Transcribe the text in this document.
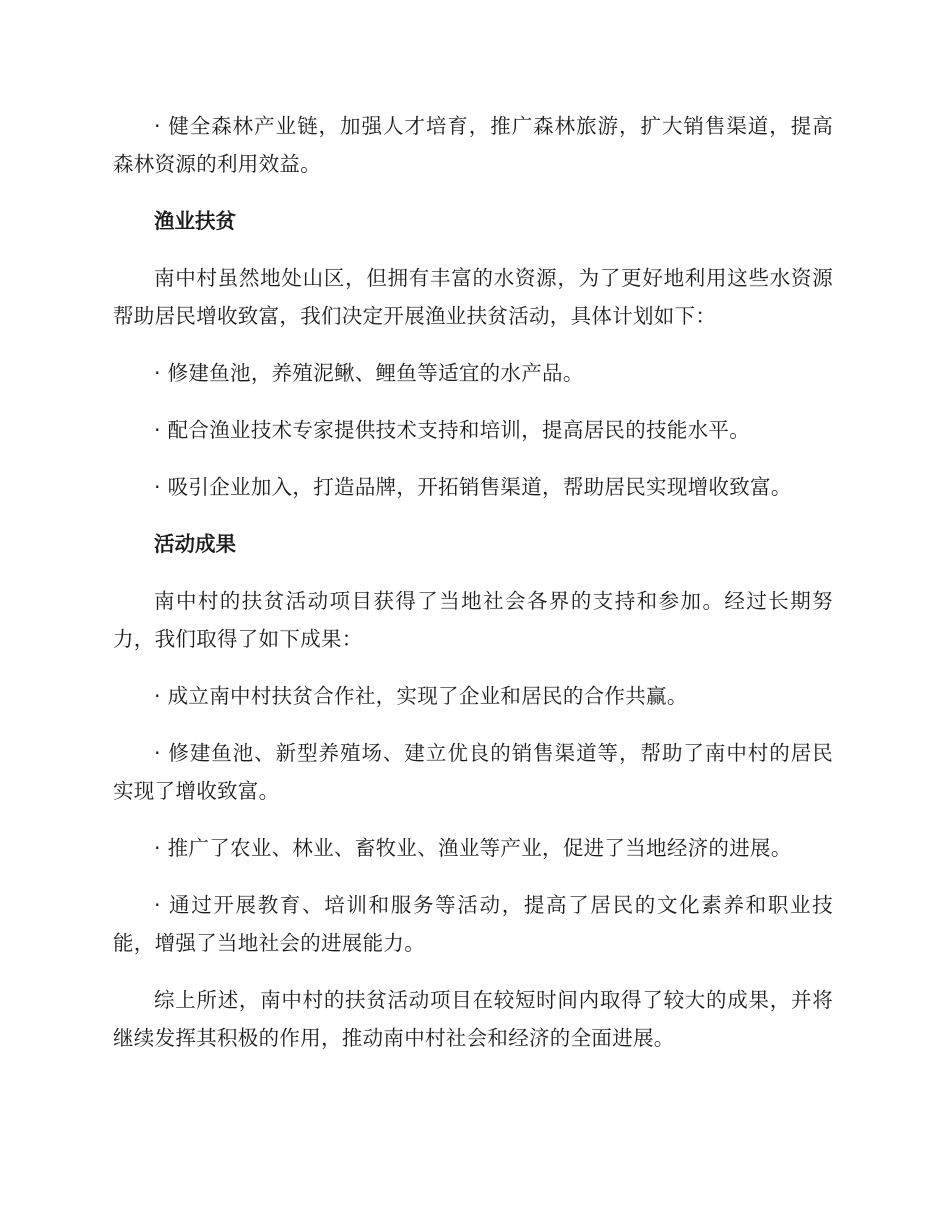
· 健全森林产业链，加强人才培育，推广森林旅游，扩大销售渠道，提高森林资源的利用效益。

渔业扶贫

南中村虽然地处山区，但拥有丰富的水资源，为了更好地利用这些水资源帮助居民增收致富，我们决定开展渔业扶贫活动，具体计划如下：

· 修建鱼池，养殖泥鳅、鲤鱼等适宜的水产品。

· 配合渔业技术专家提供技术支持和培训，提高居民的技能水平。

· 吸引企业加入，打造品牌，开拓销售渠道，帮助居民实现增收致富。

活动成果

南中村的扶贫活动项目获得了当地社会各界的支持和参加。经过长期努力，我们取得了如下成果：

· 成立南中村扶贫合作社，实现了企业和居民的合作共赢。

· 修建鱼池、新型养殖场、建立优良的销售渠道等，帮助了南中村的居民实现了增收致富。

· 推广了农业、林业、畜牧业、渔业等产业，促进了当地经济的进展。

· 通过开展教育、培训和服务等活动，提高了居民的文化素养和职业技能，增强了当地社会的进展能力。

综上所述，南中村的扶贫活动项目在较短时间内取得了较大的成果，并将继续发挥其积极的作用，推动南中村社会和经济的全面进展。
